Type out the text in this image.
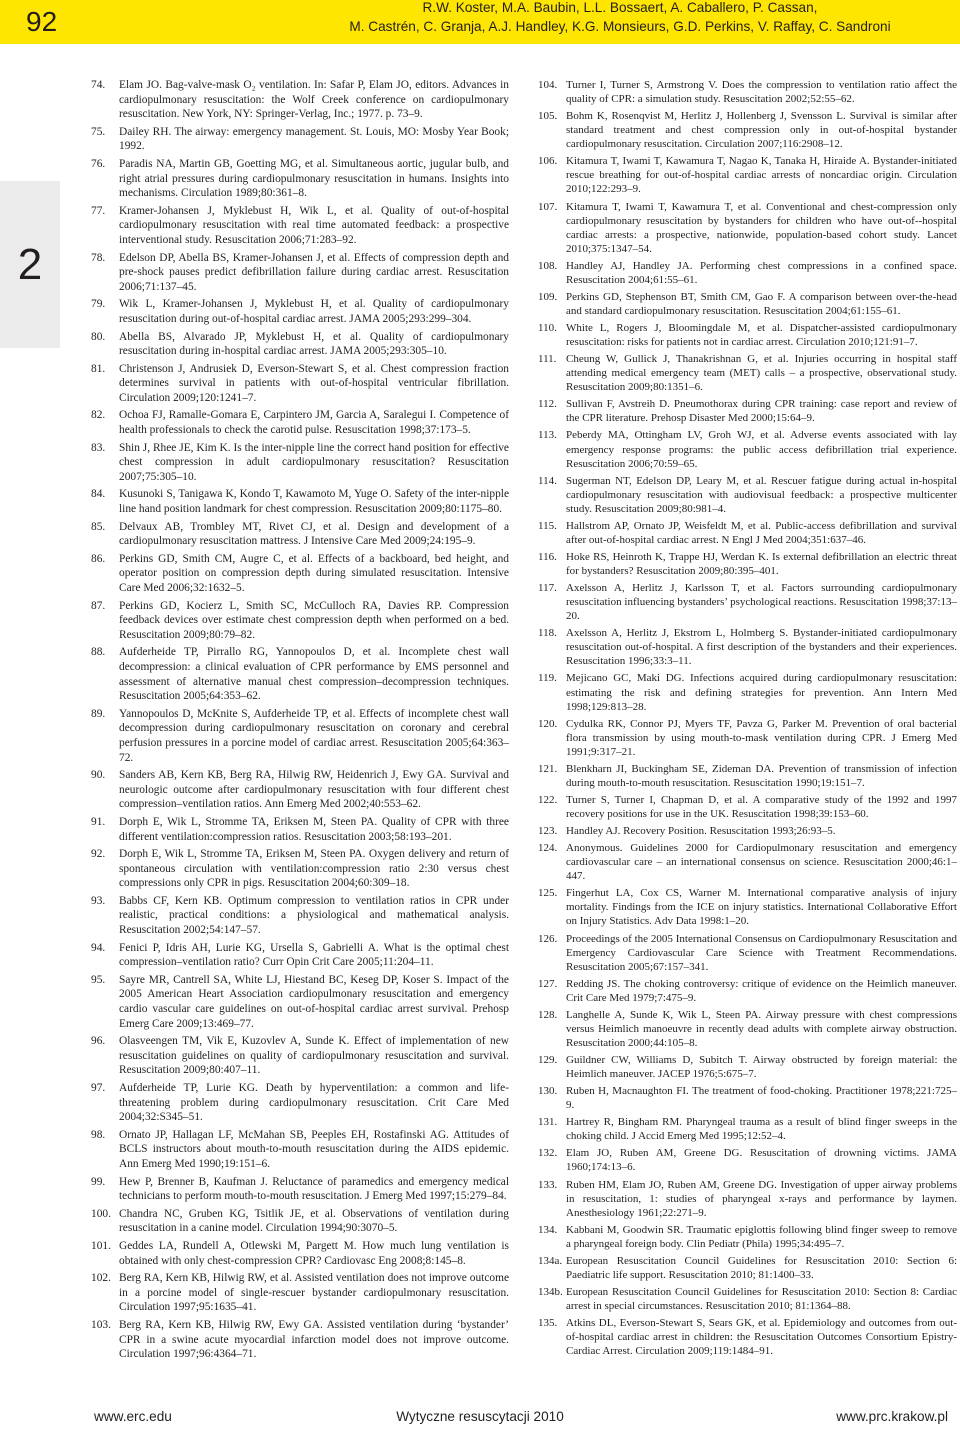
92	R.W. Koster, M.A. Baubin, L.L. Bossaert, A. Caballero, P. Cassan,
M. Castrén, C. Granja, A.J. Handley, K.G. Monsieurs, G.D. Perkins, V. Raffay, C. Sandroni
2
74. Elam JO. Bag-valve-mask O₂ ventilation. In: Safar P, Elam JO, editors. Advances in cardiopulmonary resuscitation: the Wolf Creek conference on cardiopulmonary resuscitation. New York, NY: Springer-Verlag, Inc.; 1977. p. 73–9.
75. Dailey RH. The airway: emergency management. St. Louis, MO: Mosby Year Book; 1992.
76. Paradis NA, Martin GB, Goetting MG, et al. Simultaneous aortic, jugular bulb, and right atrial pressures during cardiopulmonary resuscitation in humans. Insights into mechanisms. Circulation 1989;80:361–8.
77. Kramer-Johansen J, Myklebust H, Wik L, et al. Quality of out-of-hospital cardiopulmonary resuscitation with real time automated feedback: a prospective interventional study. Resuscitation 2006;71:283–92.
78. Edelson DP, Abella BS, Kramer-Johansen J, et al. Effects of compression depth and pre-shock pauses predict defibrillation failure during cardiac arrest. Resuscitation 2006;71:137–45.
79. Wik L, Kramer-Johansen J, Myklebust H, et al. Quality of cardiopulmonary resuscitation during out-of-hospital cardiac arrest. JAMA 2005;293:299–304.
80. Abella BS, Alvarado JP, Myklebust H, et al. Quality of cardiopulmonary resuscitation during in-hospital cardiac arrest. JAMA 2005;293:305–10.
81. Christenson J, Andrusiek D, Everson-Stewart S, et al. Chest compression fraction determines survival in patients with out-of-hospital ventricular fibrillation. Circulation 2009;120:1241–7.
82. Ochoa FJ, Ramalle-Gomara E, Carpintero JM, Garcia A, Saralegui I. Competence of health professionals to check the carotid pulse. Resuscitation 1998;37:173–5.
83. Shin J, Rhee JE, Kim K. Is the inter-nipple line the correct hand position for effective chest compression in adult cardiopulmonary resuscitation? Resuscitation 2007;75:305–10.
84. Kusunoki S, Tanigawa K, Kondo T, Kawamoto M, Yuge O. Safety of the inter-nipple line hand position landmark for chest compression. Resuscitation 2009;80:1175–80.
85. Delvaux AB, Trombley MT, Rivet CJ, et al. Design and development of a cardiopulmonary resuscitation mattress. J Intensive Care Med 2009;24:195–9.
86. Perkins GD, Smith CM, Augre C, et al. Effects of a backboard, bed height, and operator position on compression depth during simulated resuscitation. Intensive Care Med 2006;32:1632–5.
87. Perkins GD, Kocierz L, Smith SC, McCulloch RA, Davies RP. Compression feedback devices over estimate chest compression depth when performed on a bed. Resuscitation 2009;80:79–82.
88. Aufderheide TP, Pirrallo RG, Yannopoulos D, et al. Incomplete chest wall decompression: a clinical evaluation of CPR performance by EMS personnel and assessment of alternative manual chest compression–decompression techniques. Resuscitation 2005;64:353–62.
89. Yannopoulos D, McKnite S, Aufderheide TP, et al. Effects of incomplete chest wall decompression during cardiopulmonary resuscitation on coronary and cerebral perfusion pressures in a porcine model of cardiac arrest. Resuscitation 2005;64:363–72.
90. Sanders AB, Kern KB, Berg RA, Hilwig RW, Heidenrich J, Ewy GA. Survival and neurologic outcome after cardiopulmonary resuscitation with four different chest compression–ventilation ratios. Ann Emerg Med 2002;40:553–62.
91. Dorph E, Wik L, Stromme TA, Eriksen M, Steen PA. Quality of CPR with three different ventilation:compression ratios. Resuscitation 2003;58:193–201.
92. Dorph E, Wik L, Stromme TA, Eriksen M, Steen PA. Oxygen delivery and return of spontaneous circulation with ventilation:compression ratio 2:30 versus chest compressions only CPR in pigs. Resuscitation 2004;60:309–18.
93. Babbs CF, Kern KB. Optimum compression to ventilation ratios in CPR under realistic, practical conditions: a physiological and mathematical analysis. Resuscitation 2002;54:147–57.
94. Fenici P, Idris AH, Lurie KG, Ursella S, Gabrielli A. What is the optimal chest compression–ventilation ratio? Curr Opin Crit Care 2005;11:204–11.
95. Sayre MR, Cantrell SA, White LJ, Hiestand BC, Keseg DP, Koser S. Impact of the 2005 American Heart Association cardiopulmonary resuscitation and emergency cardio vascular care guidelines on out-of-hospital cardiac arrest survival. Prehosp Emerg Care 2009;13:469–77.
96. Olasveengen TM, Vik E, Kuzovlev A, Sunde K. Effect of implementation of new resuscitation guidelines on quality of cardiopulmonary resuscitation and survival. Resuscitation 2009;80:407–11.
97. Aufderheide TP, Lurie KG. Death by hyperventilation: a common and life-threatening problem during cardiopulmonary resuscitation. Crit Care Med 2004;32:S345–51.
98. Ornato JP, Hallagan LF, McMahan SB, Peeples EH, Rostafinski AG. Attitudes of BCLS instructors about mouth-to-mouth resuscitation during the AIDS epidemic. Ann Emerg Med 1990;19:151–6.
99. Hew P, Brenner B, Kaufman J. Reluctance of paramedics and emergency medical technicians to perform mouth-to-mouth resuscitation. J Emerg Med 1997;15:279–84.
100. Chandra NC, Gruben KG, Tsitlik JE, et al. Observations of ventilation during resuscitation in a canine model. Circulation 1994;90:3070–5.
101. Geddes LA, Rundell A, Otlewski M, Pargett M. How much lung ventilation is obtained with only chest-compression CPR? Cardiovasc Eng 2008;8:145–8.
102. Berg RA, Kern KB, Hilwig RW, et al. Assisted ventilation does not improve outcome in a porcine model of single-rescuer bystander cardiopulmonary resuscitation. Circulation 1997;95:1635–41.
103. Berg RA, Kern KB, Hilwig RW, Ewy GA. Assisted ventilation during ‘bystander’ CPR in a swine acute myocardial infarction model does not improve outcome. Circulation 1997;96:4364–71.
104. Turner I, Turner S, Armstrong V. Does the compression to ventilation ratio affect the quality of CPR: a simulation study. Resuscitation 2002;52:55–62.
105. Bohm K, Rosenqvist M, Herlitz J, Hollenberg J, Svensson L. Survival is similar after standard treatment and chest compression only in out-of-hospital bystander cardiopulmonary resuscitation. Circulation 2007;116:2908–12.
106. Kitamura T, Iwami T, Kawamura T, Nagao K, Tanaka H, Hiraide A. Bystander-initiated rescue breathing for out-of-hospital cardiac arrests of noncardiac origin. Circulation 2010;122:293–9.
107. Kitamura T, Iwami T, Kawamura T, et al. Conventional and chest-compression only cardiopulmonary resuscitation by bystanders for children who have out-of--hospital cardiac arrests: a prospective, nationwide, population-based cohort study. Lancet 2010;375:1347–54.
108. Handley AJ, Handley JA. Performing chest compressions in a confined space. Resuscitation 2004;61:55–61.
109. Perkins GD, Stephenson BT, Smith CM, Gao F. A comparison between over-the-head and standard cardiopulmonary resuscitation. Resuscitation 2004;61:155–61.
110. White L, Rogers J, Bloomingdale M, et al. Dispatcher-assisted cardiopulmonary resuscitation: risks for patients not in cardiac arrest. Circulation 2010;121:91–7.
111. Cheung W, Gullick J, Thanakrishnan G, et al. Injuries occurring in hospital staff attending medical emergency team (MET) calls – a prospective, observational study. Resuscitation 2009;80:1351–6.
112. Sullivan F, Avstreih D. Pneumothorax during CPR training: case report and review of the CPR literature. Prehosp Disaster Med 2000;15:64–9.
113. Peberdy MA, Ottingham LV, Groh WJ, et al. Adverse events associated with lay emergency response programs: the public access defibrillation trial experience. Resuscitation 2006;70:59–65.
114. Sugerman NT, Edelson DP, Leary M, et al. Rescuer fatigue during actual in-hospital cardiopulmonary resuscitation with audiovisual feedback: a prospective multicenter study. Resuscitation 2009;80:981–4.
115. Hallstrom AP, Ornato JP, Weisfeldt M, et al. Public-access defibrillation and survival after out-of-hospital cardiac arrest. N Engl J Med 2004;351:637–46.
116. Hoke RS, Heinroth K, Trappe HJ, Werdan K. Is external defibrillation an electric threat for bystanders? Resuscitation 2009;80:395–401.
117. Axelsson A, Herlitz J, Karlsson T, et al. Factors surrounding cardiopulmonary resuscitation influencing bystanders’ psychological reactions. Resuscitation 1998;37:13–20.
118. Axelsson A, Herlitz J, Ekstrom L, Holmberg S. Bystander-initiated cardiopulmonary resuscitation out-of-hospital. A first description of the bystanders and their experiences. Resuscitation 1996;33:3–11.
119. Mejicano GC, Maki DG. Infections acquired during cardiopulmonary resuscitation: estimating the risk and defining strategies for prevention. Ann Intern Med 1998;129:813–28.
120. Cydulka RK, Connor PJ, Myers TF, Pavza G, Parker M. Prevention of oral bacterial flora transmission by using mouth-to-mask ventilation during CPR. J Emerg Med 1991;9:317–21.
121. Blenkharn JI, Buckingham SE, Zideman DA. Prevention of transmission of infection during mouth-to-mouth resuscitation. Resuscitation 1990;19:151–7.
122. Turner S, Turner I, Chapman D, et al. A comparative study of the 1992 and 1997 recovery positions for use in the UK. Resuscitation 1998;39:153–60.
123. Handley AJ. Recovery Position. Resuscitation 1993;26:93–5.
124. Anonymous. Guidelines 2000 for Cardiopulmonary resuscitation and emergency cardiovascular care – an international consensus on science. Resuscitation 2000;46:1–447.
125. Fingerhut LA, Cox CS, Warner M. International comparative analysis of injury mortality. Findings from the ICE on injury statistics. International Collaborative Effort on Injury Statistics. Adv Data 1998:1–20.
126. Proceedings of the 2005 International Consensus on Cardiopulmonary Resuscitation and Emergency Cardiovascular Care Science with Treatment Recommendations. Resuscitation 2005;67:157–341.
127. Redding JS. The choking controversy: critique of evidence on the Heimlich maneuver. Crit Care Med 1979;7:475–9.
128. Langhelle A, Sunde K, Wik L, Steen PA. Airway pressure with chest compressions versus Heimlich manoeuvre in recently dead adults with complete airway obstruction. Resuscitation 2000;44:105–8.
129. Guildner CW, Williams D, Subitch T. Airway obstructed by foreign material: the Heimlich maneuver. JACEP 1976;5:675–7.
130. Ruben H, Macnaughton FI. The treatment of food-choking. Practitioner 1978;221:725–9.
131. Hartrey R, Bingham RM. Pharyngeal trauma as a result of blind finger sweeps in the choking child. J Accid Emerg Med 1995;12:52–4.
132. Elam JO, Ruben AM, Greene DG. Resuscitation of drowning victims. JAMA 1960;174:13–6.
133. Ruben HM, Elam JO, Ruben AM, Greene DG. Investigation of upper airway problems in resuscitation, 1: studies of pharyngeal x-rays and performance by laymen. Anesthesiology 1961;22:271–9.
134. Kabbani M, Goodwin SR. Traumatic epiglottis following blind finger sweep to remove a pharyngeal foreign body. Clin Pediatr (Phila) 1995;34:495–7.
134a. European Resuscitation Council Guidelines for Resuscitation 2010: Section 6: Paediatric life support. Resuscitation 2010; 81:1400–33.
134b. European Resuscitation Council Guidelines for Resuscitation 2010: Section 8: Cardiac arrest in special circumstances. Resuscitation 2010; 81:1364–88.
135. Atkins DL, Everson-Stewart S, Sears GK, et al. Epidemiology and outcomes from out-of-hospital cardiac arrest in children: the Resuscitation Outcomes Consortium Epistry-Cardiac Arrest. Circulation 2009;119:1484–91.
www.erc.edu	Wytyczne resuscytacji 2010	www.prc.krakow.pl
